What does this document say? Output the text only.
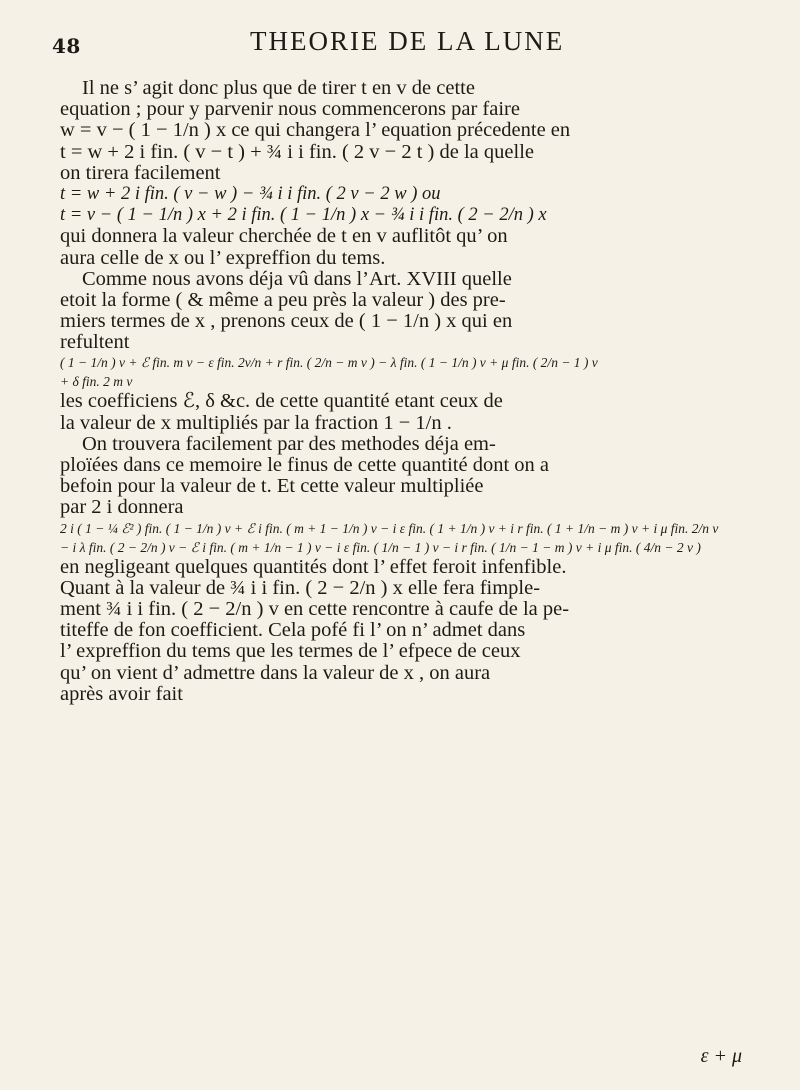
48	THEORIE DE LA LUNE
Il ne s’ agit donc plus que de tirer t en v de cette
equation ; pour y parvenir nous commencerons par faire
w = v − ( 1 − 1/n ) x ce qui changera l’ equation précedente en
t = w + 2 i fin. ( v − t ) + ¾ i i fin. ( 2 v − 2 t ) de la quelle
on tirera facilement
t = w + 2 i fin. ( v − w ) − ¾ i i fin. ( 2 v − 2 w ) ou
t = v − ( 1 − 1/n ) x + 2 i fin. ( 1 − 1/n ) x − ¾ i i fin. ( 2 − 2/n ) x
qui donnera la valeur cherchée de t en v auflitôt qu’ on
aura celle de x ou l’ expreffion du tems.
Comme nous avons déja vû dans l’Art. XVIII quelle
etoit la forme ( & même a peu près la valeur ) des pre-
miers termes de x , prenons ceux de ( 1 − 1/n ) x qui en
refultent
( 1 − 1/n ) v + ℰ fin. m v − ε fin. 2v/n + r fin. ( 2/n − m v ) − λ fin. ( 1 − 1/n ) v + μ fin. ( 2/n − 1 ) v
+ δ fin. 2 m v
les coefficiens ℰ, δ &c. de cette quantité etant ceux de
la valeur de x multipliés par la fraction 1 − 1/n .
On trouvera facilement par des methodes déja em-
ploïées dans ce memoire le finus de cette quantité dont on a
befoin pour la valeur de t. Et cette valeur multipliée
par 2 i donnera
2 i ( 1 − ¼ ℰ² ) fin. ( 1 − 1/n ) v + ℰ i fin. ( m + 1 − 1/n ) v − i ε fin. ( 1 + 1/n ) v + i r fin. ( 1 + 1/n − m ) v + i μ fin. 2/n v
− i λ fin. ( 2 − 2/n ) v − ℰ i fin. ( m + 1/n − 1 ) v − i ε fin. ( 1/n − 1 ) v − i r fin. ( 1/n − 1 − m ) v + i μ fin. ( 4/n − 2 v )
en negligeant quelques quantités dont l’ effet feroit infenfible.
Quant à la valeur de ¾ i i fin. ( 2 − 2/n ) x elle fera fimple-
ment ¾ i i fin. ( 2 − 2/n ) v en cette rencontre à caufe de la pe-
titeffe de fon coefficient. Cela pofé fi l’ on n’ admet dans
l’ expreffion du tems que les termes de l’ efpece de ceux
qu’ on vient d’ admettre dans la valeur de x , on aura
après avoir fait
ε + μ
